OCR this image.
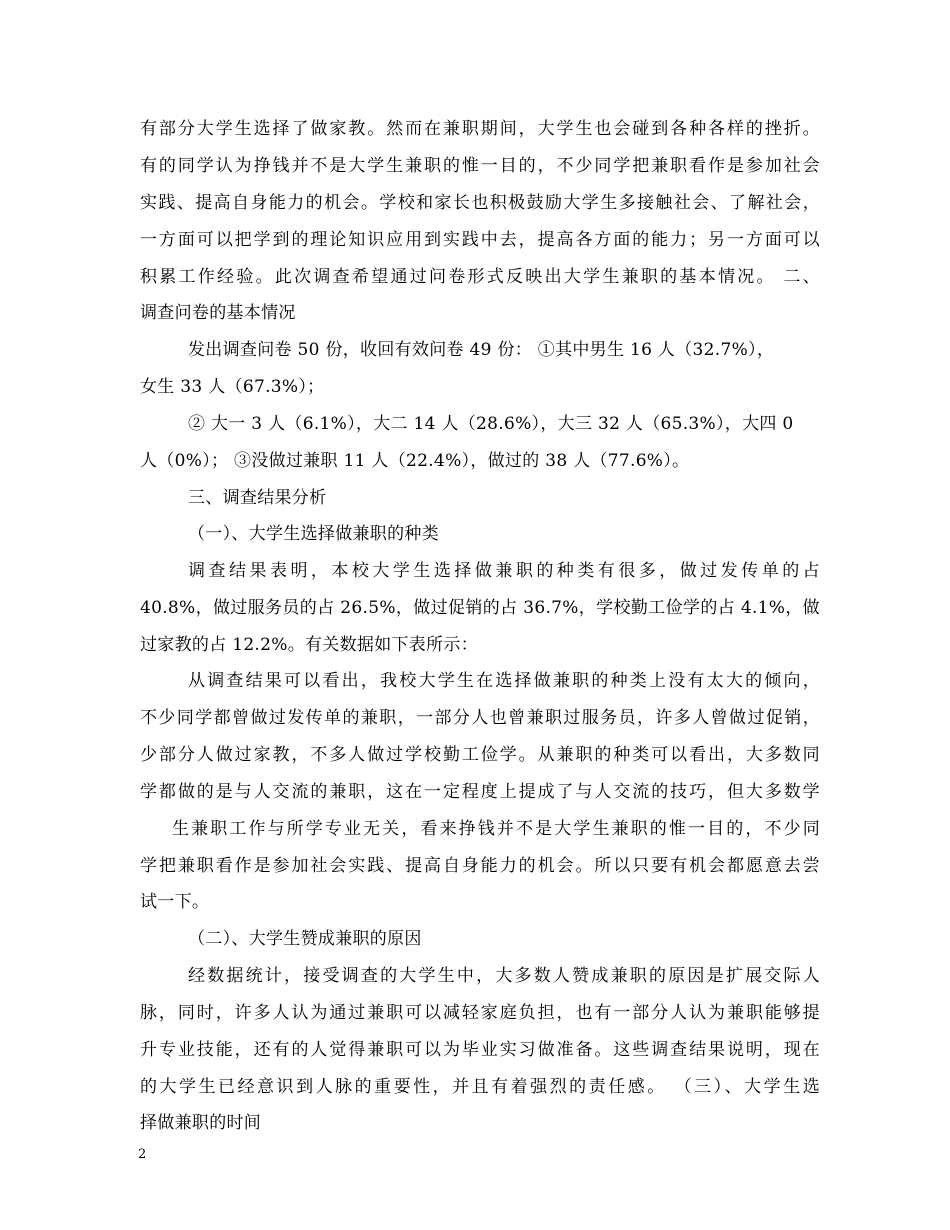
有部分大学生选择了做家教。然而在兼职期间，大学生也会碰到各种各样的挫折。
有的同学认为挣钱并不是大学生兼职的惟一目的，不少同学把兼职看作是参加社会
实践、提高自身能力的机会。学校和家长也积极鼓励大学生多接触社会、了解社会，
一方面可以把学到的理论知识应用到实践中去，提高各方面的能力；另一方面可以
积累工作经验。此次调查希望通过问卷形式反映出大学生兼职的基本情况。 二、
调查问卷的基本情况
发出调查问卷 50 份，收回有效问卷 49 份： ①其中男生 16 人（32.7%），
女生 33 人（67.3%）；
② 大一 3 人（6.1%），大二 14 人（28.6%），大三 32 人（65.3%），大四 0
人（0%）； ③没做过兼职 11 人（22.4%），做过的 38 人（77.6%）。
三、调查结果分析
（一）、大学生选择做兼职的种类
调查结果表明，本校大学生选择做兼职的种类有很多，做过发传单的占
40.8%，做过服务员的占 26.5%，做过促销的占 36.7%，学校勤工俭学的占 4.1%，做
过家教的占 12.2%。有关数据如下表所示：
从调查结果可以看出，我校大学生在选择做兼职的种类上没有太大的倾向，
不少同学都曾做过发传单的兼职，一部分人也曾兼职过服务员，许多人曾做过促销，
少部分人做过家教，不多人做过学校勤工俭学。从兼职的种类可以看出，大多数同
学都做的是与人交流的兼职，这在一定程度上提成了与人交流的技巧，但大多数学
生兼职工作与所学专业无关，看来挣钱并不是大学生兼职的惟一目的，不少同
学把兼职看作是参加社会实践、提高自身能力的机会。所以只要有机会都愿意去尝
试一下。
（二）、大学生赞成兼职的原因
经数据统计，接受调查的大学生中，大多数人赞成兼职的原因是扩展交际人
脉，同时，许多人认为通过兼职可以减轻家庭负担，也有一部分人认为兼职能够提
升专业技能，还有的人觉得兼职可以为毕业实习做准备。这些调查结果说明，现在
的大学生已经意识到人脉的重要性，并且有着强烈的责任感。 （三）、大学生选
择做兼职的时间
2
